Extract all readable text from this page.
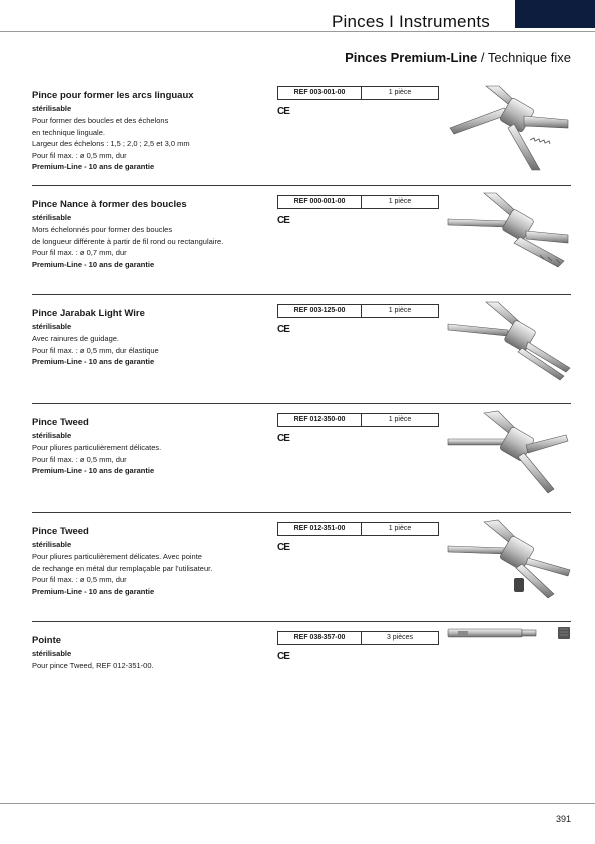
Pinces I Instruments
Pinces Premium-Line / Technique fixe
Pince pour former les arcs linguaux
stérilisable
Pour former des boucles et des échelons
en technique linguale.
Largeur des échelons : 1,5 ; 2,0 ; 2,5 et 3,0 mm
Pour fil max. : ø 0,5 mm, dur
Premium-Line - 10 ans de garantie
REF 003-001-00	1 pièce
CE
Pince Nance à former des boucles
stérilisable
Mors échelonnés pour former des boucles
de longueur différente à partir de fil rond ou rectangulaire.
Pour fil max. : ø 0,7 mm, dur
Premium-Line - 10 ans de garantie
REF 000-001-00	1 pièce
CE
Pince Jarabak Light Wire
stérilisable
Avec rainures de guidage.
Pour fil max. : ø 0,5 mm, dur élastique
Premium-Line - 10 ans de garantie
REF 003-125-00	1 pièce
CE
Pince Tweed
stérilisable
Pour pliures particulièrement délicates.
Pour fil max. : ø 0,5 mm, dur
Premium-Line - 10 ans de garantie
REF 012-350-00	1 pièce
CE
Pince Tweed
stérilisable
Pour pliures particulièrement délicates. Avec pointe
de rechange en métal dur remplaçable par l'utilisateur.
Pour fil max. : ø 0,5 mm, dur
Premium-Line - 10 ans de garantie
REF 012-351-00	1 pièce
CE
Pointe
stérilisable
Pour pince Tweed, REF 012-351-00.
REF 038-357-00	3 pièces
CE
391
